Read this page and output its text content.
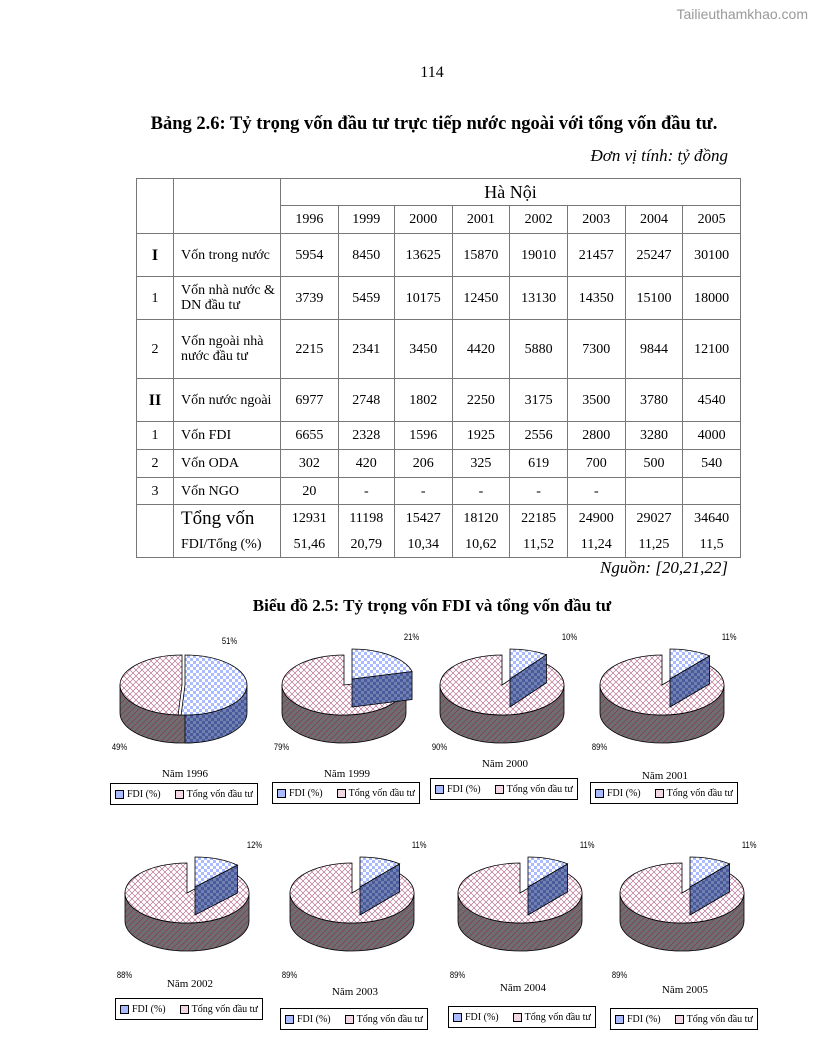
Tailieuthamkhao.com
114
Bảng 2.6: Tỷ trọng vốn đầu tư trực tiếp nước ngoài với tổng vốn đầu tư.
Đơn vị tính: tỷ đồng
		Hà Nội							
		1996	1999	2000	2001	2002	2003	2004	2005
I	Vốn trong nước	5954	8450	13625	15870	19010	21457	25247	30100
1	Vốn nhà nước & DN đầu tư	3739	5459	10175	12450	13130	14350	15100	18000
2	Vốn ngoài nhà nước đầu tư	2215	2341	3450	4420	5880	7300	9844	12100
II	Vốn nước ngoài	6977	2748	1802	2250	3175	3500	3780	4540
1	Vốn FDI	6655	2328	1596	1925	2556	2800	3280	4000
2	Vốn ODA	302	420	206	325	619	700	500	540
3	Vốn NGO	20	-	-	-	-	-		
	Tổng vốn	12931	11198	15427	18120	22185	24900	29027	34640
	FDI/Tổng (%)	51,46	20,79	10,34	10,62	11,52	11,24	11,25	11,5
Nguồn: [20,21,22]
Biểu đồ 2.5: Tỷ trọng vốn FDI và tổng vốn đầu tư
51%
49%
Năm 1996
FDI (%)	Tổng vốn đầu tư
21%
79%
Năm 1999
FDI (%)	Tổng vốn đầu tư
10%
90%
Năm 2000
FDI (%)	Tổng vốn đầu tư
11%
89%
Năm 2001
FDI (%)	Tổng vốn đầu tư
12%
88%
Năm 2002
FDI (%)	Tổng vốn đầu tư
11%
89%
Năm 2003
FDI (%)	Tổng vốn đầu tư
11%
89%
Năm 2004
FDI (%)	Tổng vốn đầu tư
11%
89%
Năm 2005
FDI (%)	Tổng vốn đầu tư
